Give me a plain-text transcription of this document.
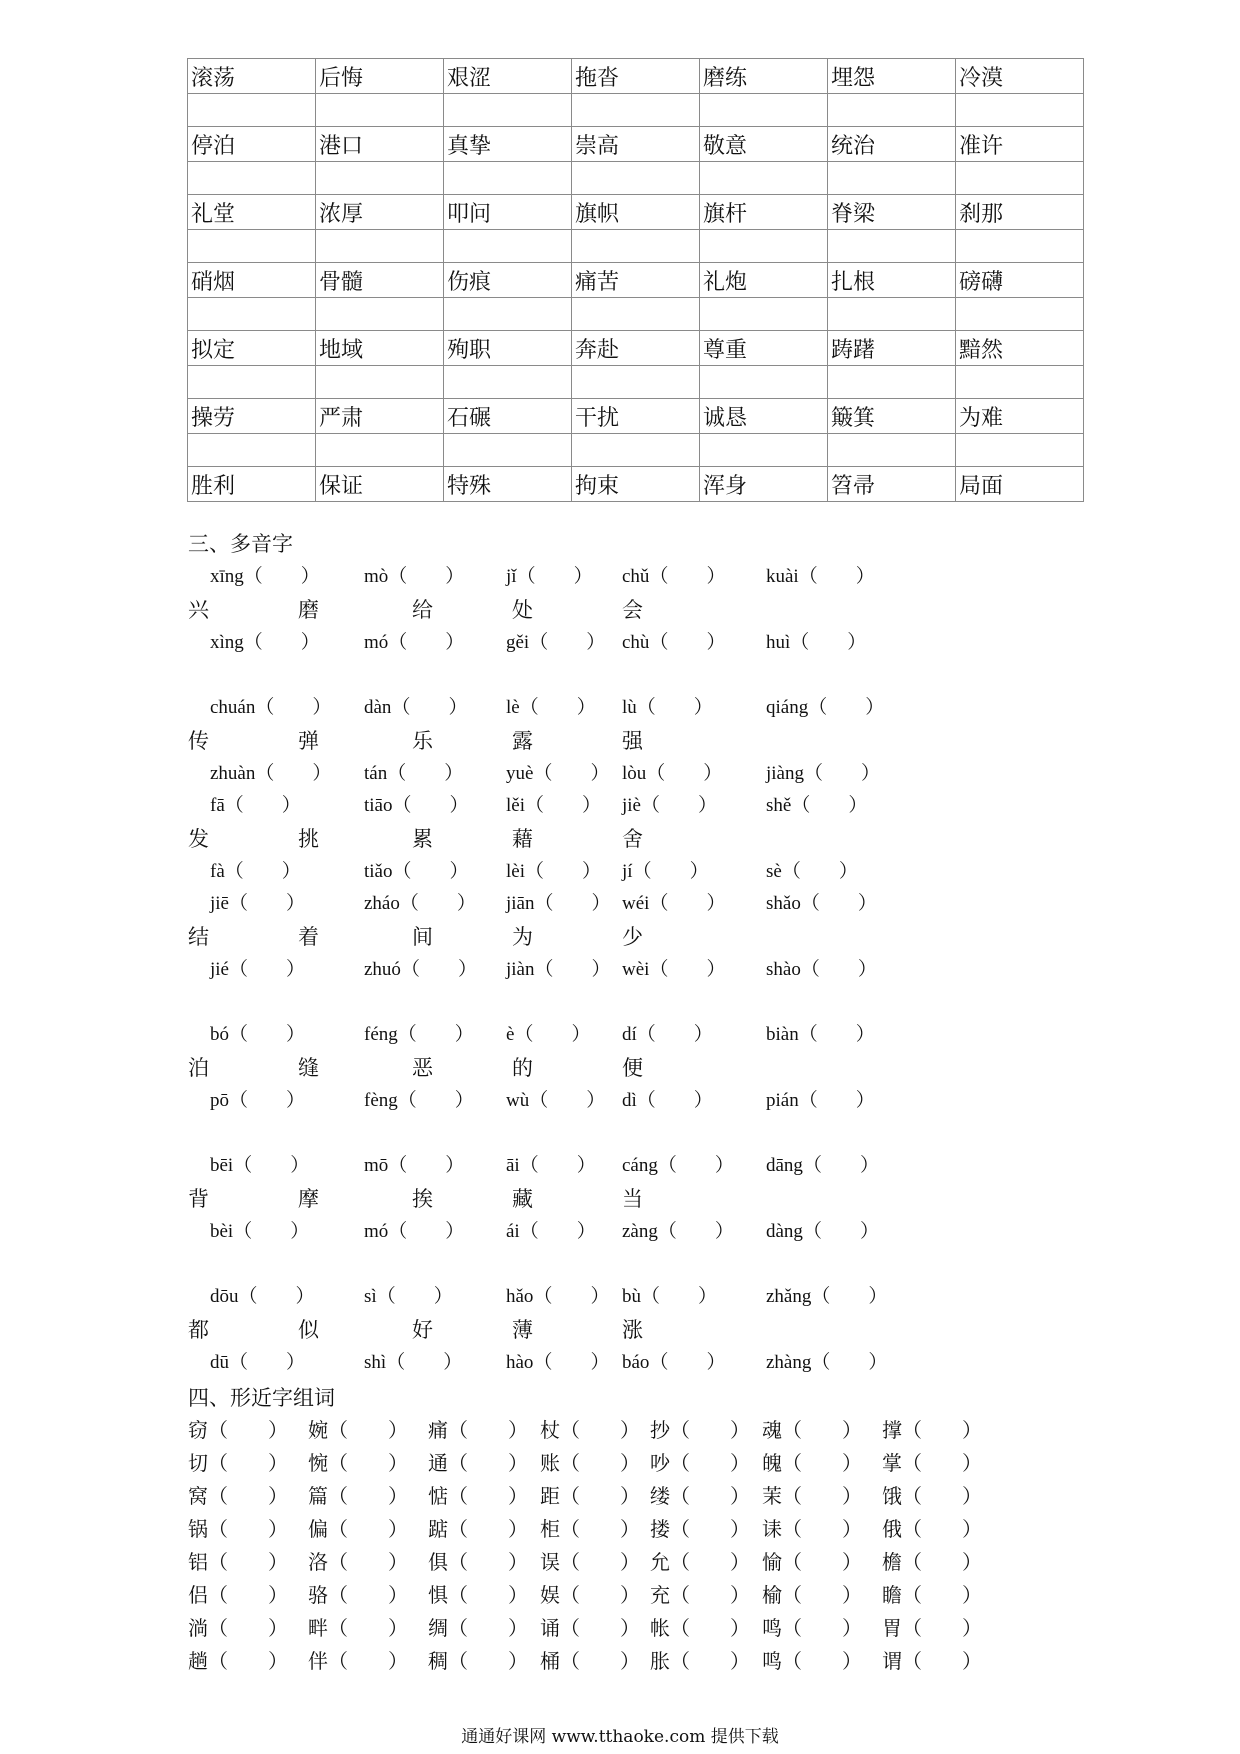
滚荡	后悔	艰涩	拖沓	磨练	埋怨	冷漠

停泊	港口	真挚	崇高	敬意	统治	准许

礼堂	浓厚	叩问	旗帜	旗杆	脊梁	刹那

硝烟	骨髓	伤痕	痛苦	礼炮	扎根	磅礴

拟定	地域	殉职	奔赴	尊重	踌躇	黯然

操劳	严肃	石碾	干扰	诚恳	簸箕	为难

胜利	保证	特殊	拘束	浑身	笤帚	局面
三、多音字
xīng（　　） mò（　　） jǐ（　　） chǔ（　　） kuài（　　）
xìng（　　） mó（　　） gěi（　　） chù（　　） huì（　　）
兴	磨	给	处	会
chuán（　　） dàn（　　） lè（　　） lù（　　）	qiáng（　　）
zhuàn（　　） tán（　　） yuè（　　） lòu（　　） jiàng（　　）
传	弹	乐	露	强
fā（　　）	tiāo（　　） lěi（　　） jiè（　　）	shě（　　）
fà（　　）	tiǎo（　　） lèi（　　） jí（　　）	sè（　　）
发	挑	累	藉	舍
jiē（　　）	zháo（　　） jiān（　　） wéi（　　） shǎo（　　）
jié（　　）	zhuó（　　） jiàn（　　） wèi（　　） shào（　　）
结	着	间	为	少
bó（　　）	féng（　　） è（　　） dí（　　）	biàn（　　）
pō（　　）	fèng（　　） wù（　　） dì（　　）	pián（　　）
泊	缝	恶	的	便
bēi（　　）	mō（　　） āi（　　） cáng（　　） dāng（　　）
bèi（　　）	mó（　　） ái（　　） zàng（　　） dàng（　　）
背	摩	挨	藏	当
dōu（　　）	sì（　　）	hǎo（　　） bù（　　）	zhǎng（　　）
dū（　　）	shì（　　） hào（　　） báo（　　） zhàng（　　）
都	似	好	薄	涨
四、形近字组词
窃（　　） 婉（　　） 痛（　　） 杖（　　） 抄（　　） 魂（　　） 撑（　　）
切（　　） 惋（　　） 通（　　） 账（　　） 吵（　　） 魄（　　） 掌（　　）
窝（　　） 篇（　　） 惦（　　） 距（　　） 缕（　　） 茉（　　） 饿（　　）
锅（　　） 偏（　　） 踮（　　） 柜（　　） 搂（　　） 诔（　　） 俄（　　）
铝（　　） 洛（　　） 俱（　　） 误（　　） 允（　　） 愉（　　） 檐（　　）
侣（　　） 骆（　　） 惧（　　） 娱（　　） 充（　　） 榆（　　） 瞻（　　）
淌（　　） 畔（　　） 绸（　　） 诵（　　） 帐（　　） 鸣（　　） 胃（　　）
趟（　　） 伴（　　） 稠（　　） 桶（　　） 胀（　　） 鸣（　　） 谓（　　）
通通好课网 www.tthaoke.com 提供下载
